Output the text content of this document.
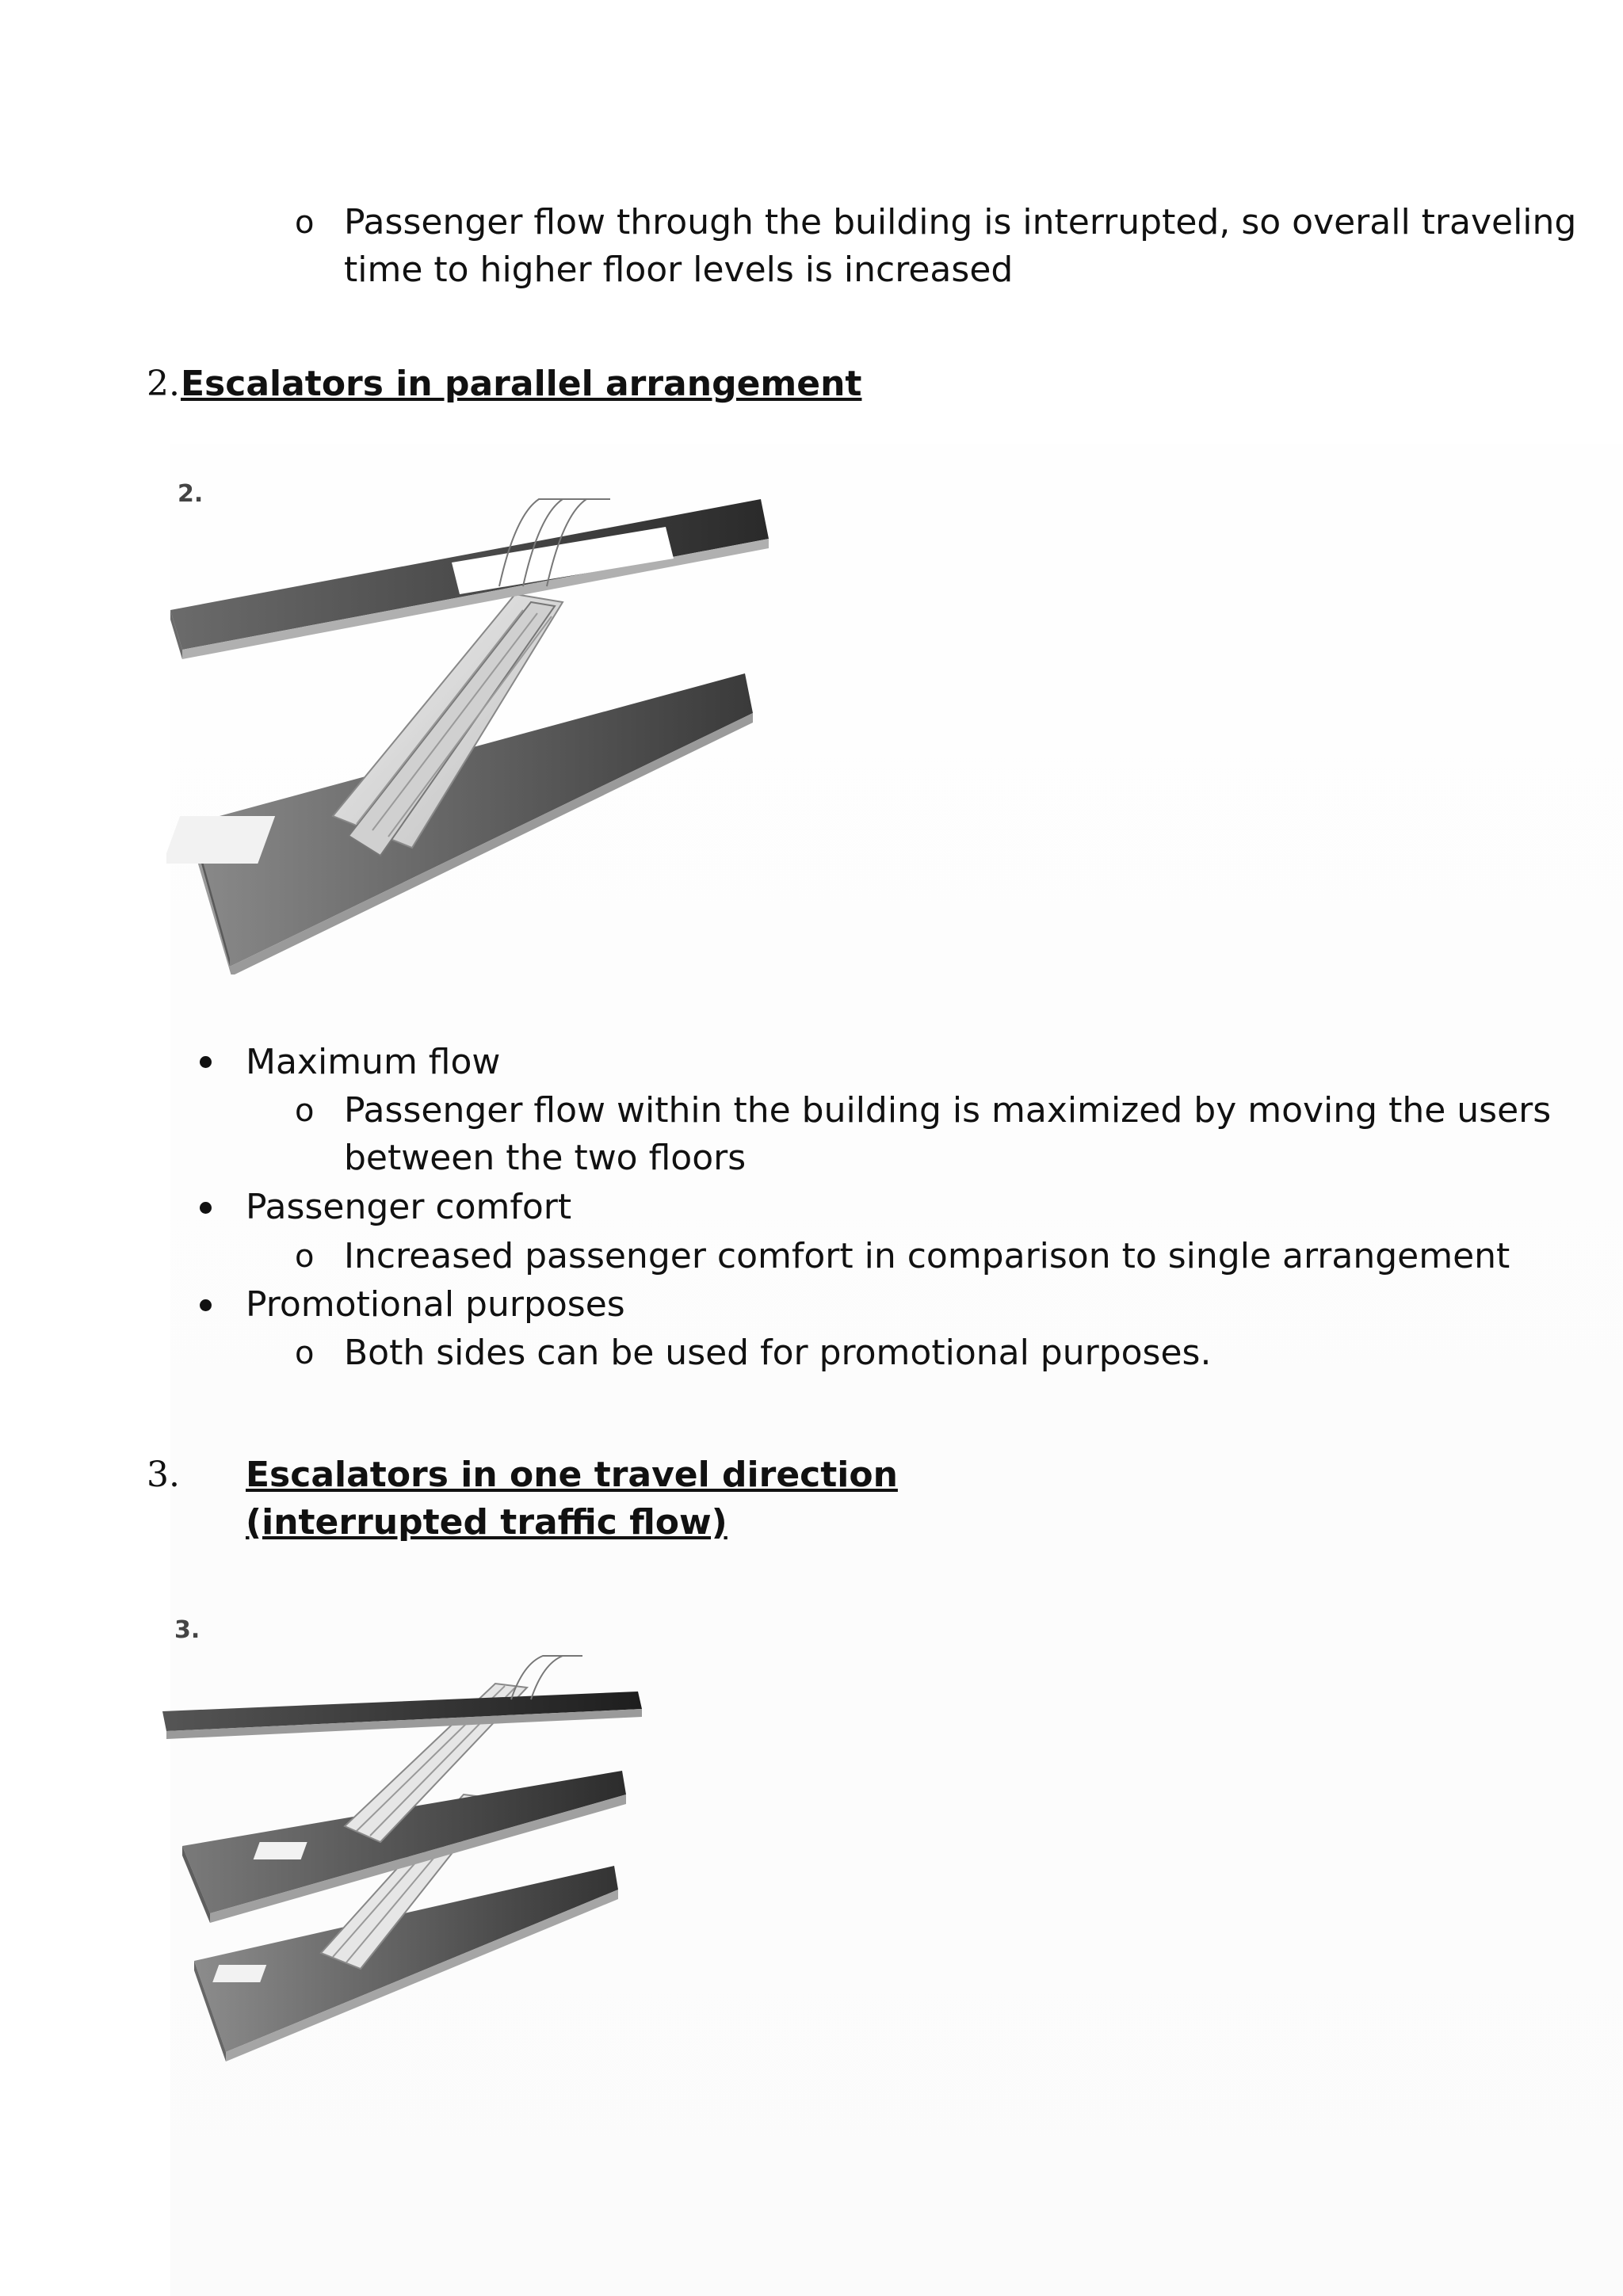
o Passenger flow through the building is interrupted, so overall traveling
time to higher floor levels is increased
2. Escalators in parallel arrangement
2.
Maximum flow
o Passenger flow within the building is maximized by moving the users
between the two floors
Passenger comfort
o Increased passenger comfort in comparison to single arrangement
Promotional purposes
o Both sides can be used for promotional purposes.
3. Escalators in one travel direction
(interrupted traffic flow)
3.
